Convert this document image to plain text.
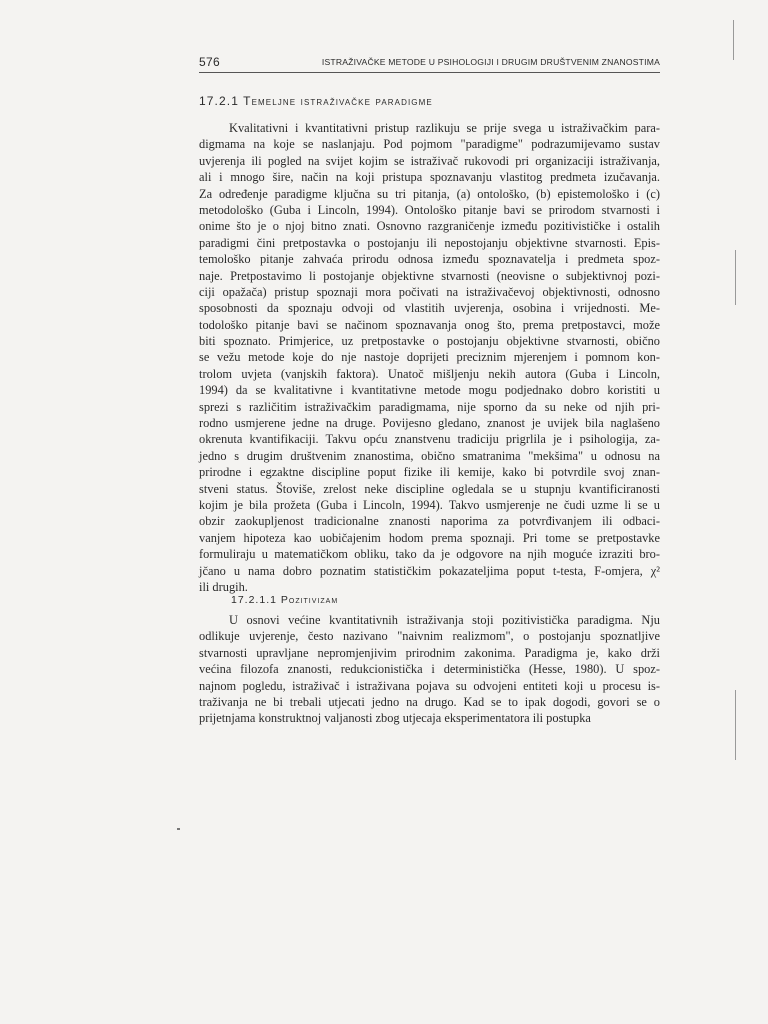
576	ISTRAŽIVAČKE METODE U PSIHOLOGIJI I DRUGIM DRUŠTVENIM ZNANOSTIMA
17.2.1 Temeljne istraživačke paradigme
Kvalitativni i kvantitativni pristup razlikuju se prije svega u istraživačkim para-
digmama na koje se naslanjaju. Pod pojmom "paradigme" podrazumijevamo sustav
uvjerenja ili pogled na svijet kojim se istraživač rukovodi pri organizaciji istraživanja,
ali i mnogo šire, način na koji pristupa spoznavanju vlastitog predmeta izučavanja.
Za određenje paradigme ključna su tri pitanja, (a) ontološko, (b) epistemološko i (c)
metodološko (Guba i Lincoln, 1994). Ontološko pitanje bavi se prirodom stvarnosti i
onime što je o njoj bitno znati. Osnovno razgraničenje između pozitivističke i ostalih
paradigmi čini pretpostavka o postojanju ili nepostojanju objektivne stvarnosti. Epis-
temološko pitanje zahvaća prirodu odnosa između spoznavatelja i predmeta spoz-
naje. Pretpostavimo li postojanje objektivne stvarnosti (neovisne o subjektivnoj pozi-
ciji opažača) pristup spoznaji mora počivati na istraživačevoj objektivnosti, odnosno
sposobnosti da spoznaju odvoji od vlastitih uvjerenja, osobina i vrijednosti. Me-
todološko pitanje bavi se načinom spoznavanja onog što, prema pretpostavci, može
biti spoznato. Primjerice, uz pretpostavke o postojanju objektivne stvarnosti, obično
se vežu metode koje do nje nastoje doprijeti preciznim mjerenjem i pomnom kon-
trolom uvjeta (vanjskih faktora). Unatoč mišljenju nekih autora (Guba i Lincoln,
1994) da se kvalitativne i kvantitativne metode mogu podjednako dobro koristiti u
sprezi s različitim istraživačkim paradigmama, nije sporno da su neke od njih pri-
rodno usmjerene jedne na druge. Povijesno gledano, znanost je uvijek bila naglašeno
okrenuta kvantifikaciji. Takvu opću znanstvenu tradiciju prigrlila je i psihologija, za-
jedno s drugim društvenim znanostima, obično smatranima "mekšima" u odnosu na
prirodne i egzaktne discipline poput fizike ili kemije, kako bi potvrdile svoj znan-
stveni status. Štoviše, zrelost neke discipline ogledala se u stupnju kvantificiranosti
kojim je bila prožeta (Guba i Lincoln, 1994). Takvo usmjerenje ne čudi uzme li se u
obzir zaokupljenost tradicionalne znanosti naporima za potvrđivanjem ili odbaci-
vanjem hipoteza kao uobičajenim hodom prema spoznaji. Pri tome se pretpostavke
formuliraju u matematičkom obliku, tako da je odgovore na njih moguće izraziti bro-
jčano u nama dobro poznatim statističkim pokazateljima poput t-testa, F-omjera, χ²
ili drugih.
17.2.1.1 Pozitivizam
U osnovi većine kvantitativnih istraživanja stoji pozitivistička paradigma. Nju
odlikuje uvjerenje, često nazivano "naivnim realizmom", o postojanju spoznatljive
stvarnosti upravljane nepromjenjivim prirodnim zakonima. Paradigma je, kako drži
većina filozofa znanosti, redukcionistička i deterministička (Hesse, 1980). U spoz-
najnom pogledu, istraživač i istraživana pojava su odvojeni entiteti koji u procesu is-
traživanja ne bi trebali utjecati jedno na drugo. Kad se to ipak dogodi, govori se o
prijetnjama konstruktnoj valjanosti zbog utjecaja eksperimentatora ili postupka
